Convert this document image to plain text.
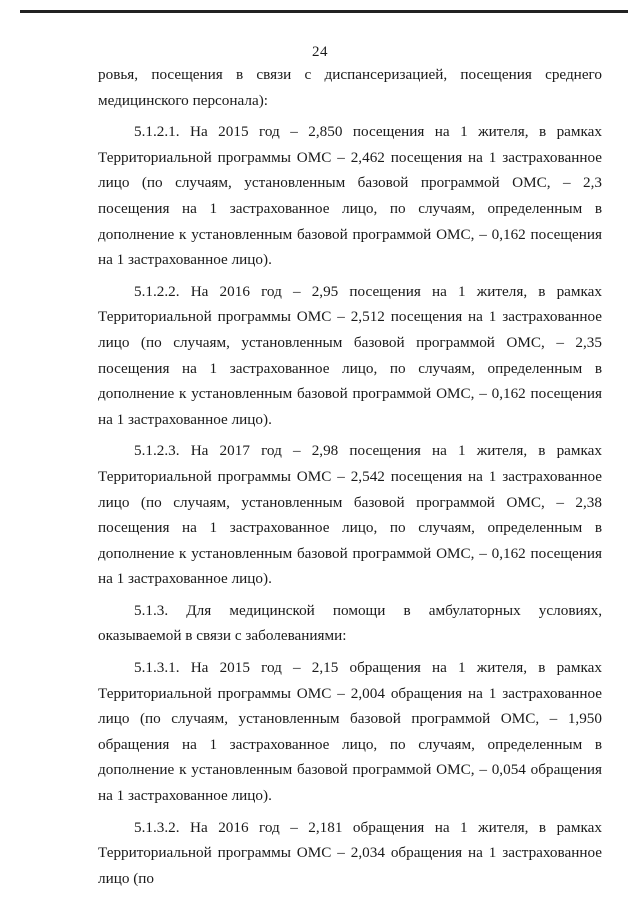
24

ровья, посещения в связи с диспансеризацией, посещения среднего медицинского персонала):

5.1.2.1. На 2015 год – 2,850 посещения на 1 жителя, в рамках Территориальной программы ОМС – 2,462 посещения на 1 застрахованное лицо (по случаям, установленным базовой программой ОМС, – 2,3 посещения на 1 застрахованное лицо, по случаям, определенным в дополнение к установленным базовой программой ОМС, – 0,162 посещения на 1 застрахованное лицо).

5.1.2.2. На 2016 год – 2,95 посещения на 1 жителя, в рамках Территориальной программы ОМС – 2,512 посещения на 1 застрахованное лицо (по случаям, установленным базовой программой ОМС, – 2,35 посещения на 1 застрахованное лицо, по случаям, определенным в дополнение к установленным базовой программой ОМС, – 0,162 посещения на 1 застрахованное лицо).

5.1.2.3. На 2017 год – 2,98 посещения на 1 жителя, в рамках Территориальной программы ОМС – 2,542 посещения на 1 застрахованное лицо (по случаям, установленным базовой программой ОМС, – 2,38 посещения на 1 застрахованное лицо, по случаям, определенным в дополнение к установленным базовой программой ОМС, – 0,162 посещения на 1 застрахованное лицо).

5.1.3. Для медицинской помощи в амбулаторных условиях, оказываемой в связи с заболеваниями:

5.1.3.1. На 2015 год – 2,15 обращения на 1 жителя, в рамках Территориальной программы ОМС – 2,004 обращения на 1 застрахованное лицо (по случаям, установленным базовой программой ОМС, – 1,950 обращения на 1 застрахованное лицо, по случаям, определенным в дополнение к установленным базовой программой ОМС, – 0,054 обращения на 1 застрахованное лицо).

5.1.3.2. На 2016 год – 2,181 обращения на 1 жителя, в рамках Территориальной программы ОМС – 2,034 обращения на 1 застрахованное лицо (по
